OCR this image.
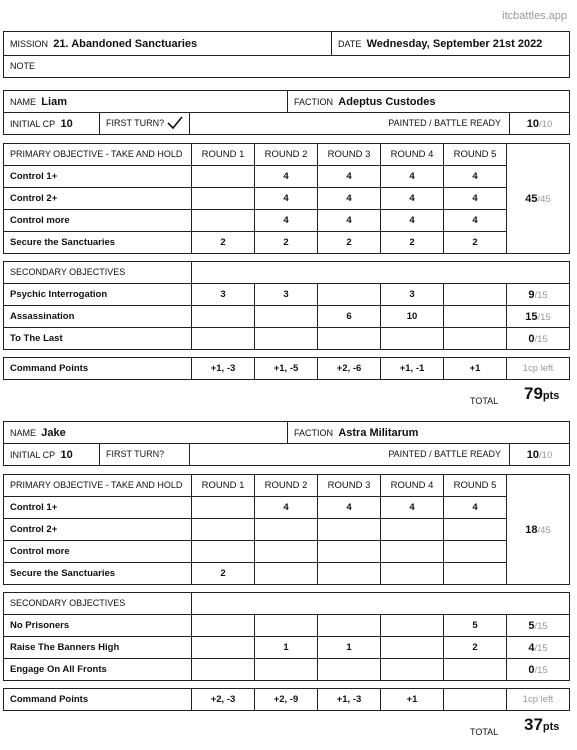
itcbattles.app
MISSION 21. Abandoned Sanctuaries	DATE Wednesday, September 21st 2022
NOTE
NAME Liam			FACTION Adeptus Custodes	
INITIAL CP 10	FIRST TURN?	PAINTED / BATTLE READY		10/10
PRIMARY OBJECTIVE - TAKE AND HOLD	ROUND 1	ROUND 2	ROUND 3	ROUND 4	ROUND 5	45/45
Control 1+		4	4	4	4	
Control 2+		4	4	4	4	
Control more		4	4	4	4	
Secure the Sanctuaries	2	2	2	2	2	
SECONDARY OBJECTIVES						
Psychic Interrogation	3	3		3		9/15
Assassination			6	10		15/15
To The Last						0/15
Command Points	+1, -3	+1, -5	+2, -6	+1, -1	+1	1cp left
TOTAL 79pts
NAME Jake			FACTION Astra Militarum	
INITIAL CP 10	FIRST TURN?	PAINTED / BATTLE READY		10/10
PRIMARY OBJECTIVE - TAKE AND HOLD	ROUND 1	ROUND 2	ROUND 3	ROUND 4	ROUND 5	18/45
Control 1+		4	4	4	4	
Control 2+						
Control more						
Secure the Sanctuaries	2					
SECONDARY OBJECTIVES						
No Prisoners					5	5/15
Raise The Banners High		1	1		2	4/15
Engage On All Fronts						0/15
Command Points	+2, -3	+2, -9	+1, -3	+1		1cp left
TOTAL 37pts
